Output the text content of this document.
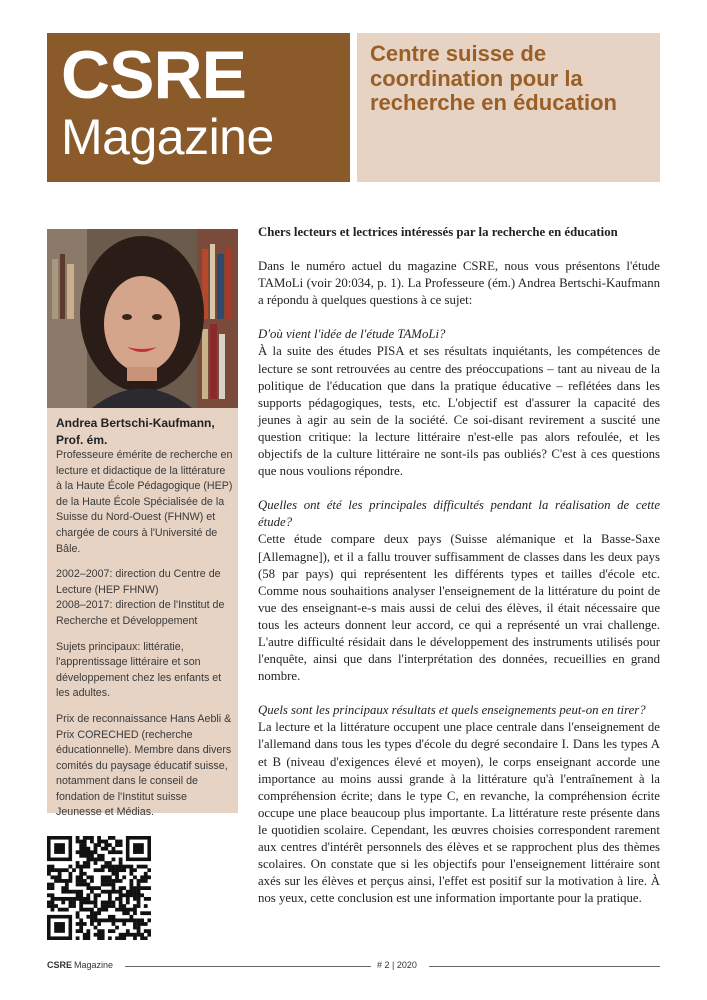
CSRE
Magazine
Centre suisse de coordination pour la recherche en éducation

Andrea Bertschi-Kaufmann,
Prof. ém.
Professeure émérite de recherche en lecture et didactique de la littérature à la Haute École Pédagogique (HEP) de la Haute École Spécialisée de la Suisse du Nord-Ouest (FHNW) et chargée de cours à l'Université de Bâle.

2002–2007: direction du Centre de Lecture (HEP FHNW)
2008–2017: direction de l'Institut de Recherche et Développement

Sujets principaux: littératie, l'apprentissage littéraire et son développement chez les enfants et les adultes.

Prix de reconnaissance Hans Aebli & Prix CORECHED (recherche éducationnelle). Membre dans divers comités du paysage éducatif suisse, notamment dans le conseil de fondation de l'Institut suisse Jeunesse et Médias.

Chers lecteurs et lectrices intéressés par la recherche en éducation

Dans le numéro actuel du magazine CSRE, nous vous présentons l'étude TAMoLi (voir 20:034, p. 1). La Professeure (ém.) Andrea Bertschi-Kaufmann a répondu à quelques questions à ce sujet:

D'où vient l'idée de l'étude TAMoLi?
À la suite des études PISA et ses résultats inquiétants, les compétences de lecture se sont retrouvées au centre des préoccupations – tant au niveau de la politique de l'éducation que dans la pratique éducative – reflétées dans les supports pédagogiques, tests, etc. L'objectif est d'assurer la capacité des jeunes à agir au sein de la société. Ce soi-disant revirement a suscité une question critique: la lecture littéraire n'est-elle pas alors refoulée, et les objectifs de la culture littéraire ne sont-ils pas oubliés? C'est à ces questions que nous voulions répondre.
Quelles ont été les principales difficultés pendant la réalisation de cette étude?
Cette étude compare deux pays (Suisse alémanique et la Basse-Saxe [Allemagne]), et il a fallu trouver suffisamment de classes dans les deux pays (58 par pays) qui représentent les différents types et tailles d'école etc. Comme nous souhaitions analyser l'enseignement de la littérature du point de vue des enseignant-e-s mais aussi de celui des élèves, il était nécessaire que tous les acteurs donnent leur accord, ce qui a représenté un vrai challenge. L'autre difficulté résidait dans le développement des instruments utilisés pour l'enquête, ainsi que dans l'interprétation des données, recueillies en grand nombre.
Quels sont les principaux résultats et quels enseignements peut-on en tirer?
La lecture et la littérature occupent une place centrale dans l'enseignement de l'allemand dans tous les types d'école du degré secondaire I. Dans les types A et B (niveau d'exigences élevé et moyen), le corps enseignant accorde une importance au moins aussi grande à la littérature qu'à l'entraînement à la compréhension écrite; dans le type C, en revanche, la compréhension écrite occupe une place beaucoup plus importante. La littérature reste présente dans le quotidien scolaire. Cependant, les œuvres choisies correspondent rarement aux centres d'intérêt personnels des élèves et se rapprochent plus des thèmes scolaires. On constate que si les objectifs pour l'enseignement littéraire sont axés sur les élèves et perçus ainsi, l'effet est positif sur la motivation à lire. À nos yeux, cette conclusion est une information importante pour la pratique.
CSRE Magazine	# 2 | 2020
